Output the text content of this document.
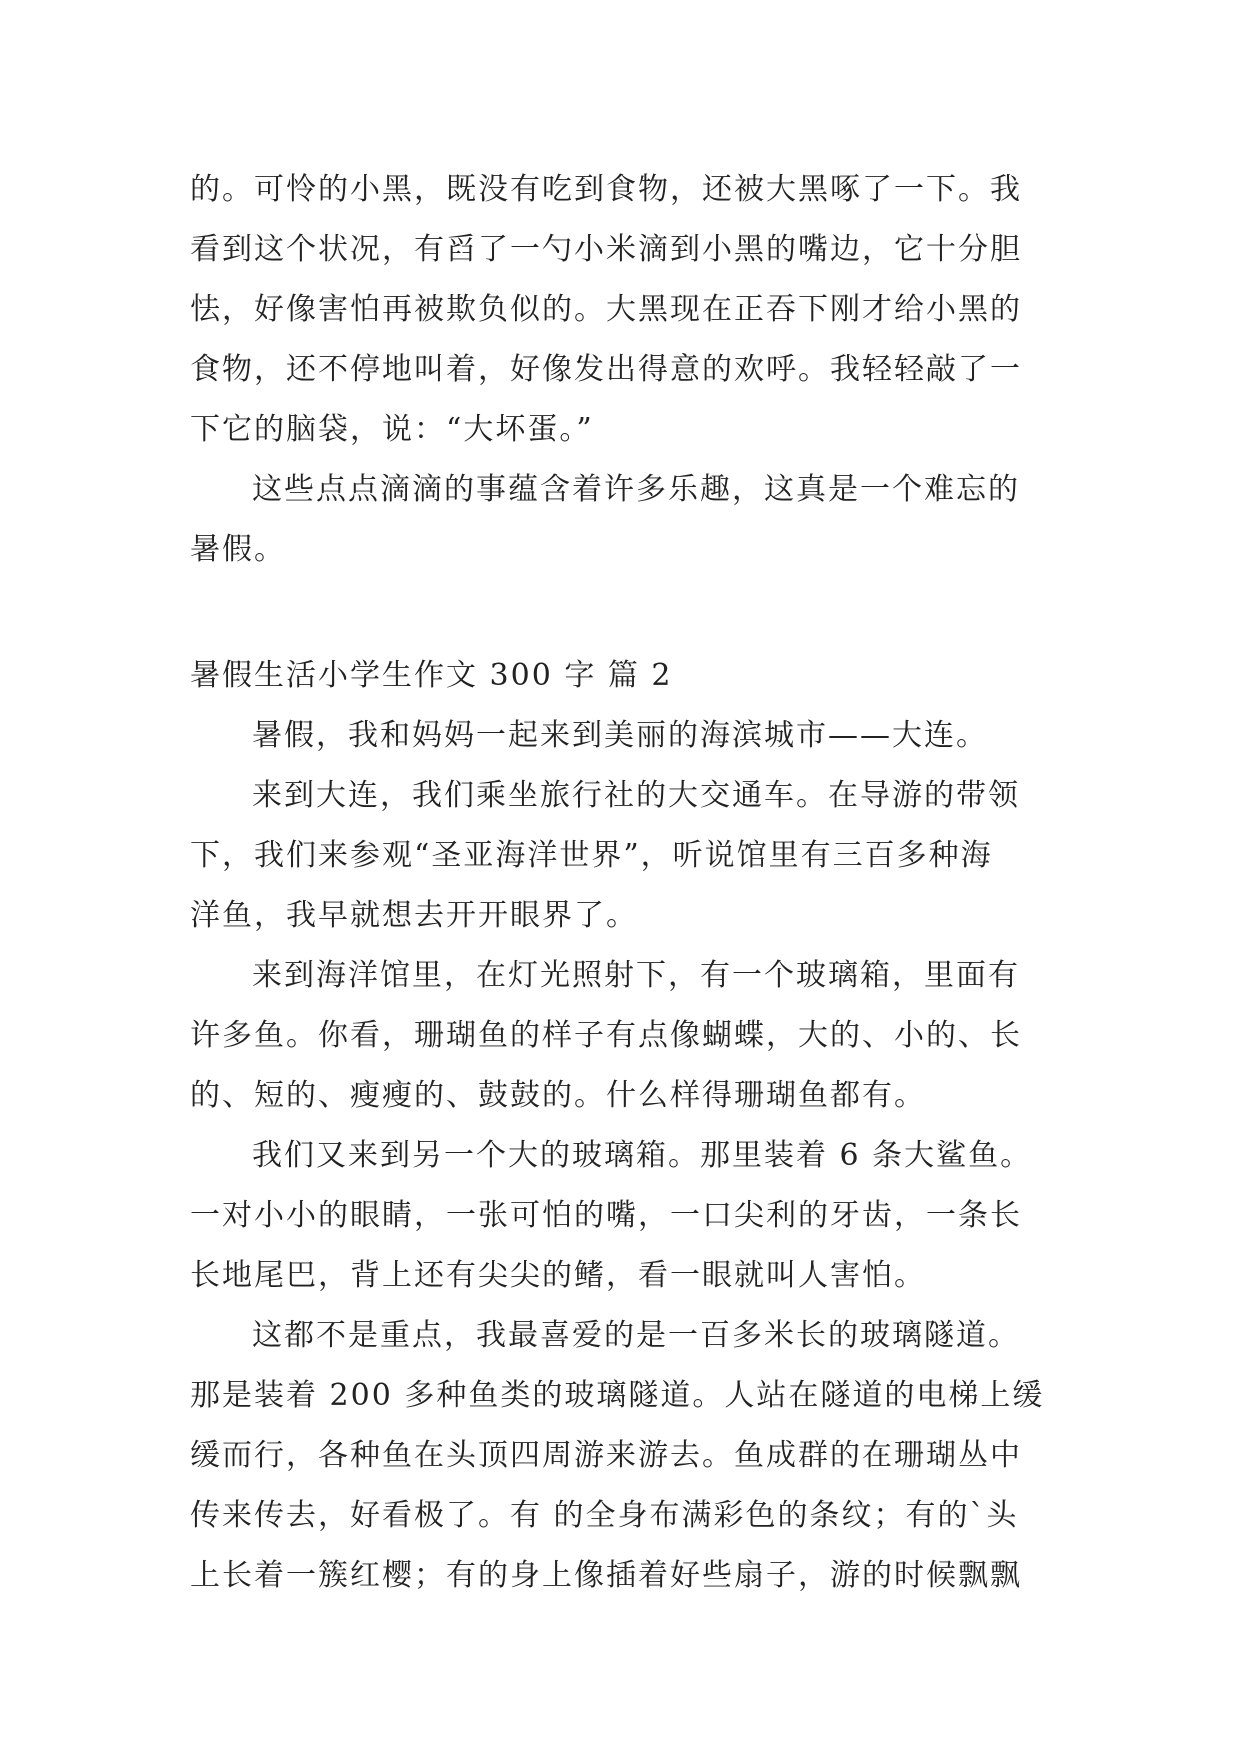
的。可怜的小黑，既没有吃到食物，还被大黑啄了一下。我

看到这个状况，有舀了一勺小米滴到小黑的嘴边，它十分胆

怯，好像害怕再被欺负似的。大黑现在正吞下刚才给小黑的

食物，还不停地叫着，好像发出得意的欢呼。我轻轻敲了一

下它的脑袋，说：“大坏蛋。”

这些点点滴滴的事蕴含着许多乐趣，这真是一个难忘的

暑假。

暑假生活小学生作文 300 字 篇 2

暑假，我和妈妈一起来到美丽的海滨城市——大连。

来到大连，我们乘坐旅行社的大交通车。在导游的带领

下，我们来参观“圣亚海洋世界”，听说馆里有三百多种海

洋鱼，我早就想去开开眼界了。

来到海洋馆里，在灯光照射下，有一个玻璃箱，里面有

许多鱼。你看，珊瑚鱼的样子有点像蝴蝶，大的、小的、长

的、短的、瘦瘦的、鼓鼓的。什么样得珊瑚鱼都有。

我们又来到另一个大的玻璃箱。那里装着 6 条大鲨鱼。

一对小小的眼睛，一张可怕的嘴，一口尖利的牙齿，一条长

长地尾巴，背上还有尖尖的鳍，看一眼就叫人害怕。

这都不是重点，我最喜爱的是一百多米长的玻璃隧道。

那是装着 200 多种鱼类的玻璃隧道。人站在隧道的电梯上缓

缓而行，各种鱼在头顶四周游来游去。鱼成群的在珊瑚丛中

传来传去，好看极了。有 的全身布满彩色的条纹；有的`头

上长着一簇红樱；有的身上像插着好些扇子，游的时候飘飘
